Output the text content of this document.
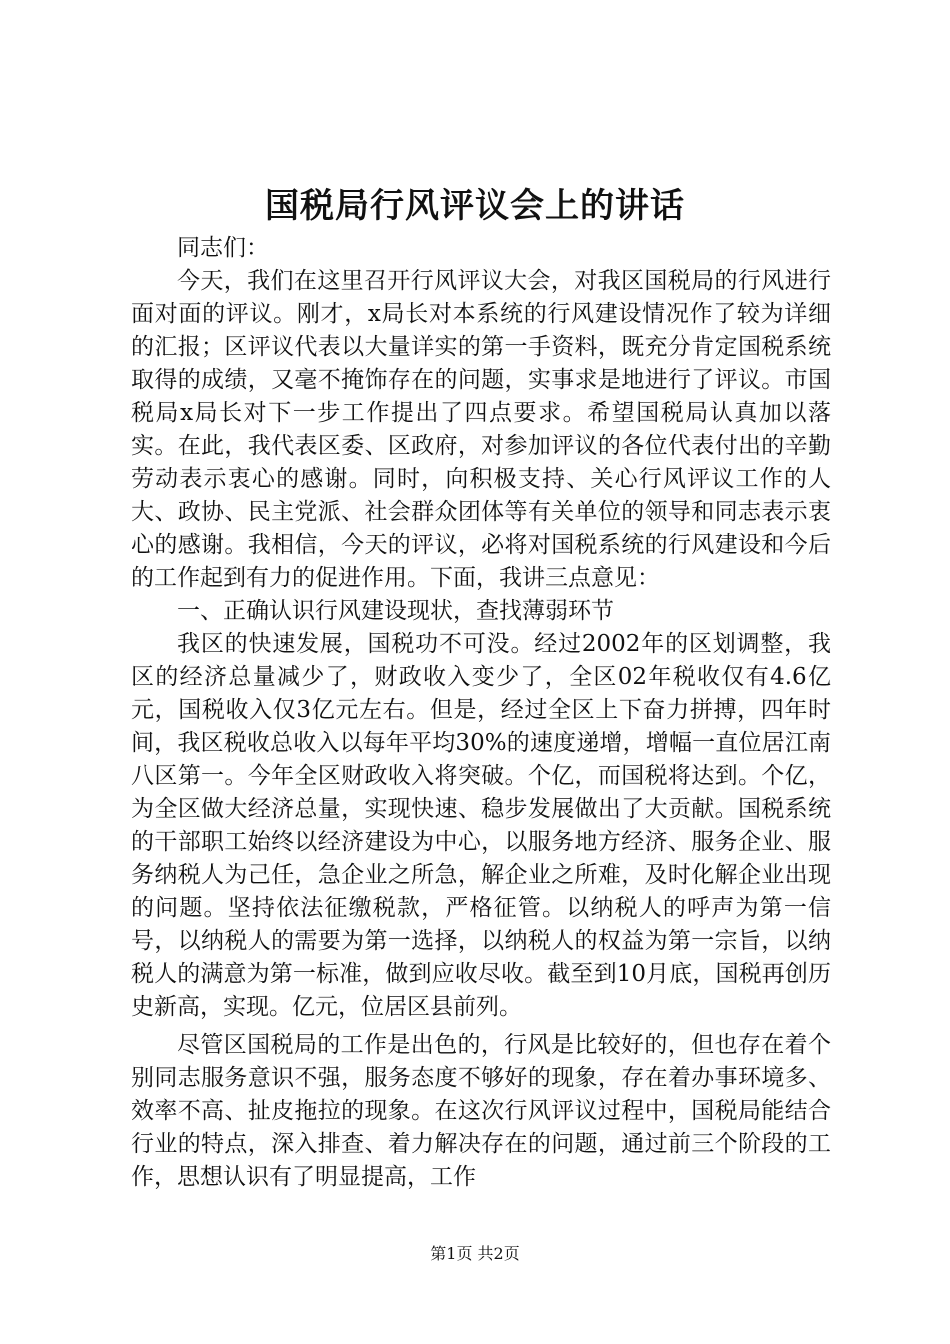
国税局行风评议会上的讲话

同志们：

今天，我们在这里召开行风评议大会，对我区国税局的行风进行面对面的评议。刚才，x局长对本系统的行风建设情况作了较为详细的汇报；区评议代表以大量详实的第一手资料，既充分肯定国税系统取得的成绩，又毫不掩饰存在的问题，实事求是地进行了评议。市国税局x局长对下一步工作提出了四点要求。希望国税局认真加以落实。在此，我代表区委、区政府，对参加评议的各位代表付出的辛勤劳动表示衷心的感谢。同时，向积极支持、关心行风评议工作的人大、政协、民主党派、社会群众团体等有关单位的领导和同志表示衷心的感谢。我相信，今天的评议，必将对国税系统的行风建设和今后的工作起到有力的促进作用。下面，我讲三点意见：

一、正确认识行风建设现状，查找薄弱环节

我区的快速发展，国税功不可没。经过2002年的区划调整，我区的经济总量减少了，财政收入变少了，全区02年税收仅有4.6亿元，国税收入仅3亿元左右。但是，经过全区上下奋力拼搏，四年时间，我区税收总收入以每年平均30%的速度递增，增幅一直位居江南八区第一。今年全区财政收入将突破。个亿，而国税将达到。个亿，为全区做大经济总量，实现快速、稳步发展做出了大贡献。国税系统的干部职工始终以经济建设为中心，以服务地方经济、服务企业、服务纳税人为己任，急企业之所急，解企业之所难，及时化解企业出现的问题。坚持依法征缴税款，严格征管。以纳税人的呼声为第一信号，以纳税人的需要为第一选择，以纳税人的权益为第一宗旨，以纳税人的满意为第一标准，做到应收尽收。截至到10月底，国税再创历史新高，实现。亿元，位居区县前列。

尽管区国税局的工作是出色的，行风是比较好的，但也存在着个别同志服务意识不强，服务态度不够好的现象，存在着办事环境多、效率不高、扯皮拖拉的现象。在这次行风评议过程中，国税局能结合行业的特点，深入排查、着力解决存在的问题，通过前三个阶段的工作，思想认识有了明显提高，工作

第1页 共2页
